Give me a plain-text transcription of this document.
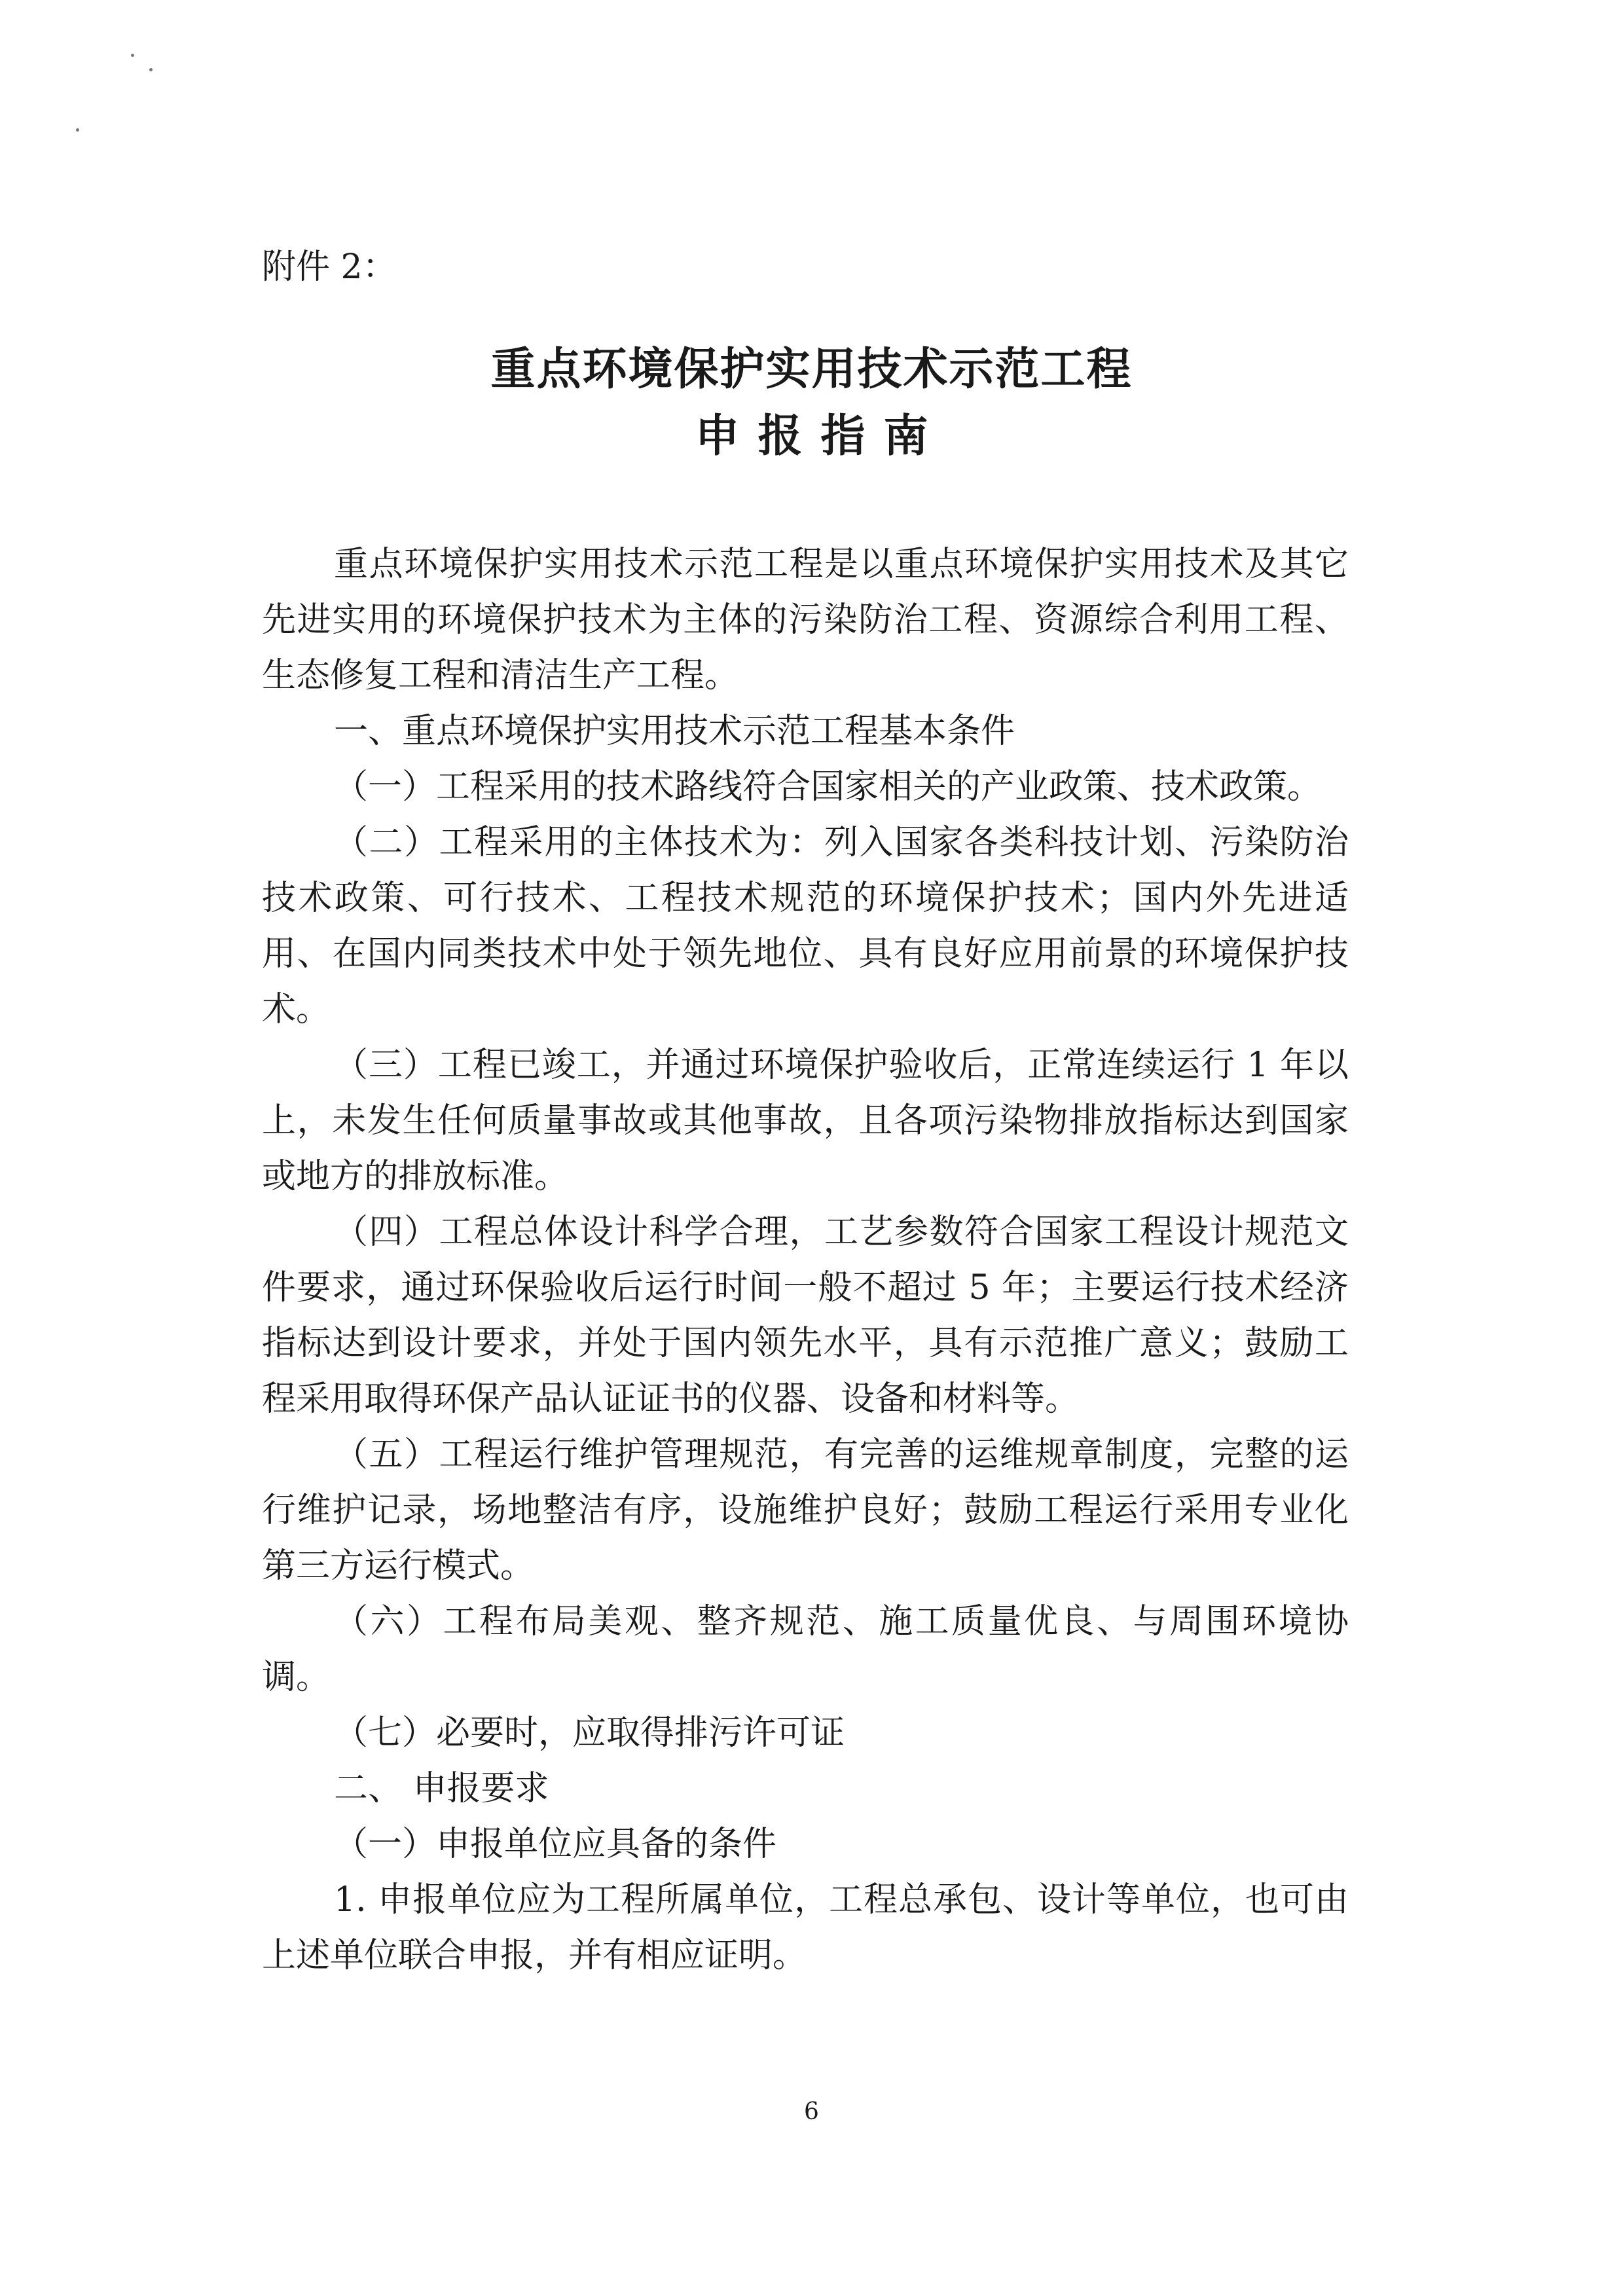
附件 2：
重点环境保护实用技术示范工程
申报指南

重点环境保护实用技术示范工程是以重点环境保护实用技术及其它先进实用的环境保护技术为主体的污染防治工程、资源综合利用工程、生态修复工程和清洁生产工程。

一、重点环境保护实用技术示范工程基本条件

（一）工程采用的技术路线符合国家相关的产业政策、技术政策。

（二）工程采用的主体技术为：列入国家各类科技计划、污染防治技术政策、可行技术、工程技术规范的环境保护技术；国内外先进适用、在国内同类技术中处于领先地位、具有良好应用前景的环境保护技术。

（三）工程已竣工，并通过环境保护验收后，正常连续运行 1 年以上，未发生任何质量事故或其他事故，且各项污染物排放指标达到国家或地方的排放标准。

（四）工程总体设计科学合理，工艺参数符合国家工程设计规范文件要求，通过环保验收后运行时间一般不超过 5 年；主要运行技术经济指标达到设计要求，并处于国内领先水平，具有示范推广意义；鼓励工程采用取得环保产品认证证书的仪器、设备和材料等。

（五）工程运行维护管理规范，有完善的运维规章制度，完整的运行维护记录，场地整洁有序，设施维护良好；鼓励工程运行采用专业化第三方运行模式。

（六）工程布局美观、整齐规范、施工质量优良、与周围环境协调。

（七）必要时，应取得排污许可证

二、 申报要求

（一）申报单位应具备的条件

1. 申报单位应为工程所属单位，工程总承包、设计等单位，也可由上述单位联合申报，并有相应证明。

6
